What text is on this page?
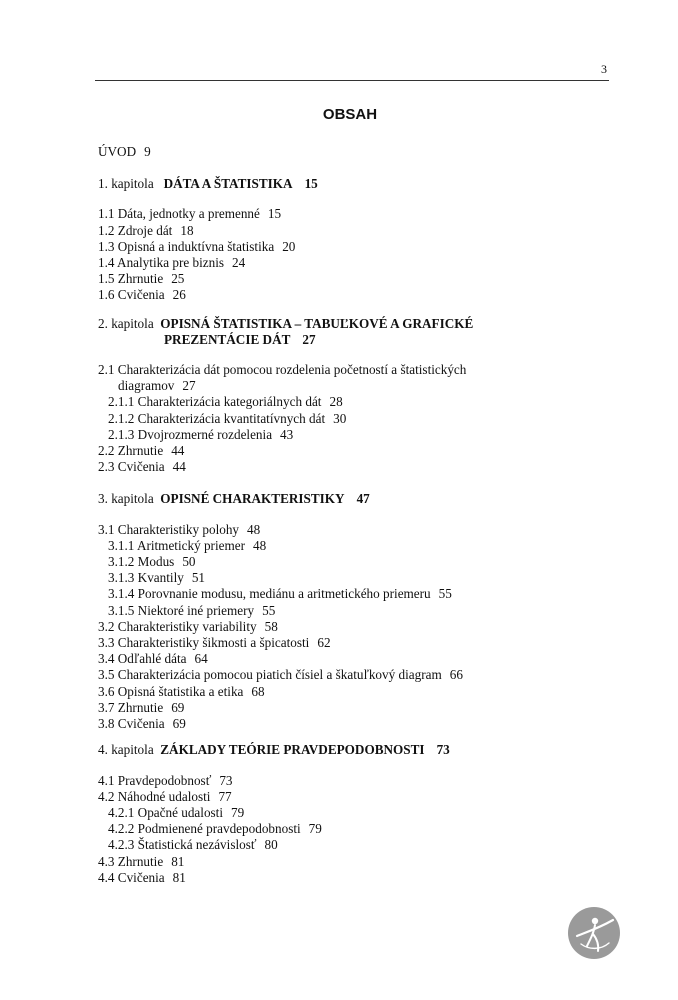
3
OBSAH
ÚVOD 9
1. kapitola DÁTA A ŠTATISTIKA 15
1.1 Dáta, jednotky a premenné 15
1.2 Zdroje dát 18
1.3 Opisná a induktívna štatistika 20
1.4 Analytika pre biznis 24
1.5 Zhrnutie 25
1.6 Cvičenia 26
2. kapitola OPISNÁ ŠTATISTIKA – TABUĽKOVÉ A GRAFICKÉ
PREZENTÁCIE DÁT 27
2.1 Charakterizácia dát pomocou rozdelenia početností a štatistických
diagramov 27
2.1.1 Charakterizácia kategoriálnych dát 28
2.1.2 Charakterizácia kvantitatívnych dát 30
2.1.3 Dvojrozmerné rozdelenia 43
2.2 Zhrnutie 44
2.3 Cvičenia 44
3. kapitola OPISNÉ CHARAKTERISTIKY 47
3.1 Charakteristiky polohy 48
3.1.1 Aritmetický priemer 48
3.1.2 Modus 50
3.1.3 Kvantily 51
3.1.4 Porovnanie modusu, mediánu a aritmetického priemeru 55
3.1.5 Niektoré iné priemery 55
3.2 Charakteristiky variability 58
3.3 Charakteristiky šikmosti a špicatosti 62
3.4 Odľahlé dáta 64
3.5 Charakterizácia pomocou piatich čísiel a škatuľkový diagram 66
3.6 Opisná štatistika a etika 68
3.7 Zhrnutie 69
3.8 Cvičenia 69
4. kapitola ZÁKLADY TEÓRIE PRAVDEPODOBNOSTI 73
4.1 Pravdepodobnosť 73
4.2 Náhodné udalosti 77
4.2.1 Opačné udalosti 79
4.2.2 Podmienené pravdepodobnosti 79
4.2.3 Štatistická nezávislosť 80
4.3 Zhrnutie 81
4.4 Cvičenia 81
